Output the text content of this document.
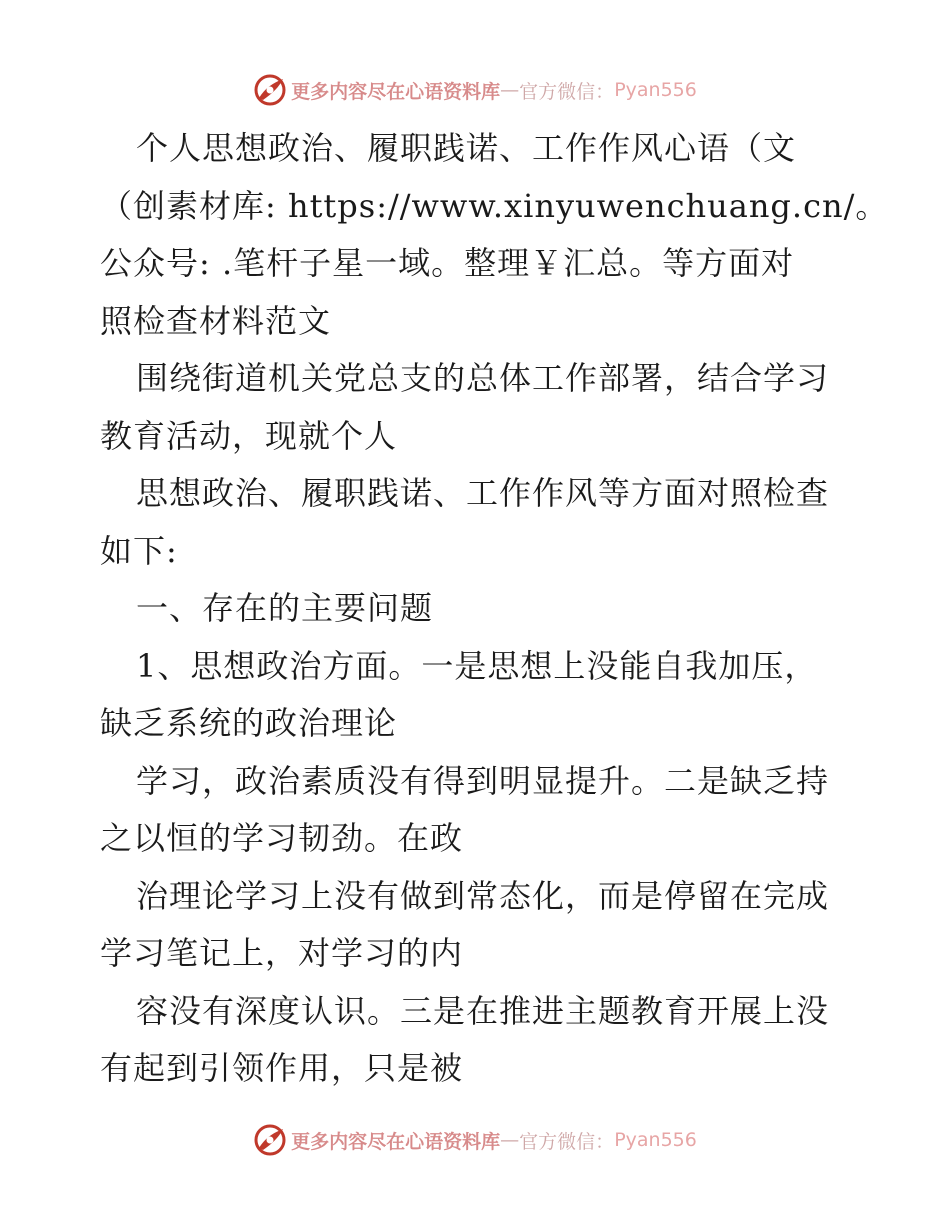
更多内容尽在心语资料库 — 官方微信： Pyan556
个人思想政治、履职践诺、工作作风心语（文
（创素材库: https://www.xinyuwenchuang.cn/。
公众号: .笔杆子星一域。整理￥汇总。等方面对
照检查材料范文
围绕街道机关党总支的总体工作部署，结合学习
教育活动，现就个人
思想政治、履职践诺、工作作风等方面对照检查
如下:
一、存在的主要问题
1、思想政治方面。一是思想上没能自我加压，
缺乏系统的政治理论
学习，政治素质没有得到明显提升。二是缺乏持
之以恒的学习韧劲。在政
治理论学习上没有做到常态化，而是停留在完成
学习笔记上，对学习的内
容没有深度认识。三是在推进主题教育开展上没
有起到引领作用，只是被
更多内容尽在心语资料库 — 官方微信： Pyan556
